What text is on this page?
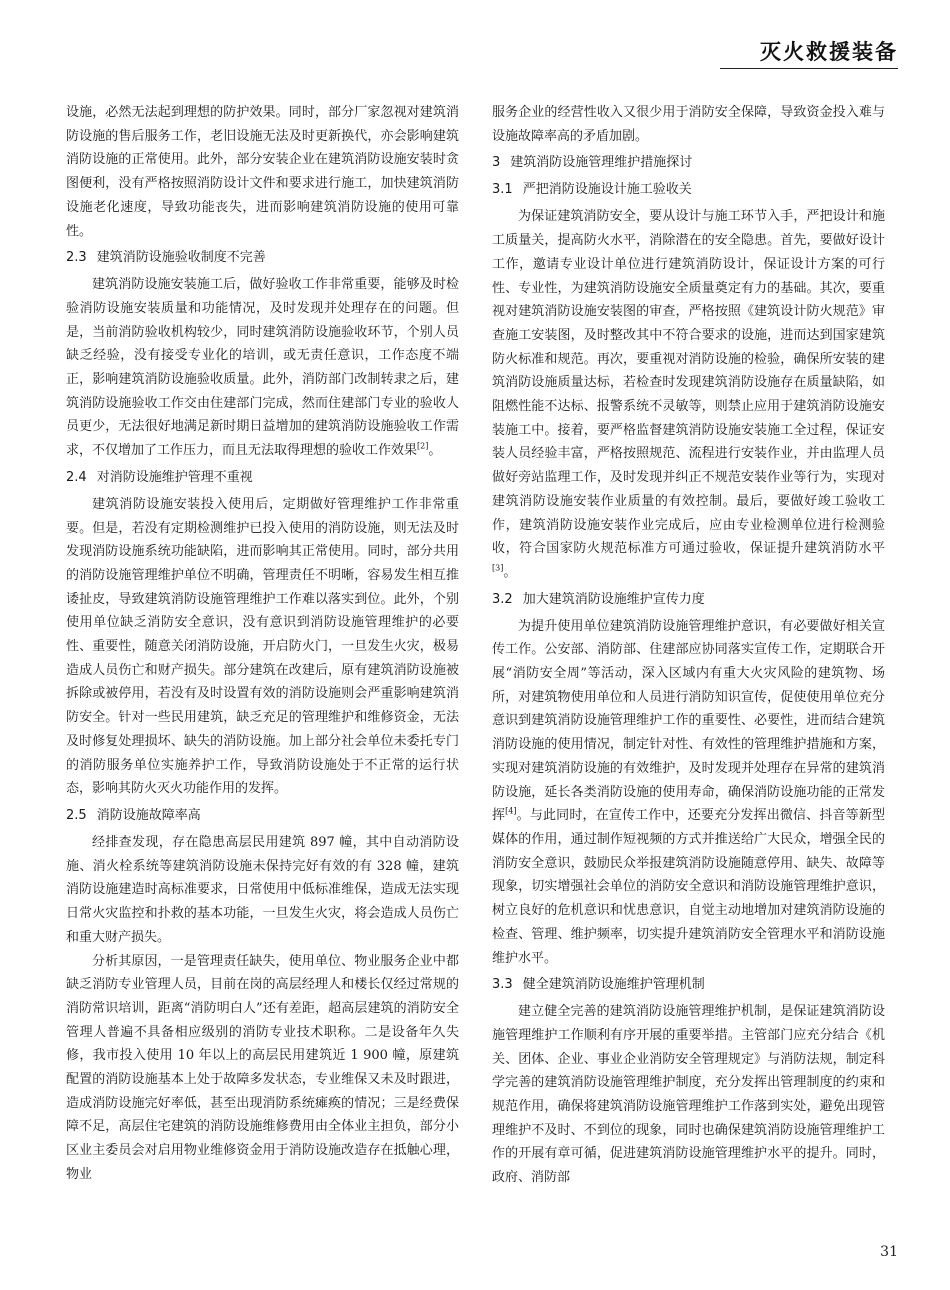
灭火救援装备

设施，必然无法起到理想的防护效果。同时，部分厂家忽视对建筑消防设施的售后服务工作，老旧设施无法及时更新换代，亦会影响建筑消防设施的正常使用。此外，部分安装企业在建筑消防设施安装时贪图便利，没有严格按照消防设计文件和要求进行施工，加快建筑消防设施老化速度，导致功能丧失，进而影响建筑消防设施的使用可靠性。

2.3 建筑消防设施验收制度不完善

建筑消防设施安装施工后，做好验收工作非常重要，能够及时检验消防设施安装质量和功能情况，及时发现并处理存在的问题。但是，当前消防验收机构较少，同时建筑消防设施验收环节，个别人员缺乏经验，没有接受专业化的培训，或无责任意识，工作态度不端正，影响建筑消防设施验收质量。此外，消防部门改制转隶之后，建筑消防设施验收工作交由住建部门完成，然而住建部门专业的验收人员更少，无法很好地满足新时期日益增加的建筑消防设施验收工作需求，不仅增加了工作压力，而且无法取得理想的验收工作效果[2]。

2.4 对消防设施维护管理不重视

建筑消防设施安装投入使用后，定期做好管理维护工作非常重要。但是，若没有定期检测维护已投入使用的消防设施，则无法及时发现消防设施系统功能缺陷，进而影响其正常使用。同时，部分共用的消防设施管理维护单位不明确，管理责任不明晰，容易发生相互推诿扯皮，导致建筑消防设施管理维护工作难以落实到位。此外，个别使用单位缺乏消防安全意识，没有意识到消防设施管理维护的必要性、重要性，随意关闭消防设施，开启防火门，一旦发生火灾，极易造成人员伤亡和财产损失。部分建筑在改建后，原有建筑消防设施被拆除或被停用，若没有及时设置有效的消防设施则会严重影响建筑消防安全。针对一些民用建筑，缺乏充足的管理维护和维修资金，无法及时修复处理损坏、缺失的消防设施。加上部分社会单位未委托专门的消防服务单位实施养护工作，导致消防设施处于不正常的运行状态，影响其防火灭火功能作用的发挥。

2.5 消防设施故障率高

经排查发现，存在隐患高层民用建筑 897 幢，其中自动消防设施、消火栓系统等建筑消防设施未保持完好有效的有 328 幢，建筑消防设施建造时高标准要求，日常使用中低标准维保，造成无法实现日常火灾监控和扑救的基本功能，一旦发生火灾，将会造成人员伤亡和重大财产损失。

分析其原因，一是管理责任缺失，使用单位、物业服务企业中都缺乏消防专业管理人员，目前在岗的高层经理人和楼长仅经过常规的消防常识培训，距离“消防明白人”还有差距，超高层建筑的消防安全管理人普遍不具备相应级别的消防专业技术职称。二是设备年久失修，我市投入使用 10 年以上的高层民用建筑近 1 900 幢，原建筑配置的消防设施基本上处于故障多发状态，专业维保又未及时跟进，造成消防设施完好率低，甚至出现消防系统瘫痪的情况；三是经费保障不足，高层住宅建筑的消防设施维修费用由全体业主担负，部分小区业主委员会对启用物业维修资金用于消防设施改造存在抵触心理，物业

服务企业的经营性收入又很少用于消防安全保障，导致资金投入难与设施故障率高的矛盾加剧。

3 建筑消防设施管理维护措施探讨
3.1 严把消防设施设计施工验收关

为保证建筑消防安全，要从设计与施工环节入手，严把设计和施工质量关，提高防火水平，消除潜在的安全隐患。首先，要做好设计工作，邀请专业设计单位进行建筑消防设计，保证设计方案的可行性、专业性，为建筑消防设施安全质量奠定有力的基础。其次，要重视对建筑消防设施安装图的审查，严格按照《建筑设计防火规范》审查施工安装图，及时整改其中不符合要求的设施，进而达到国家建筑防火标准和规范。再次，要重视对消防设施的检验，确保所安装的建筑消防设施质量达标，若检查时发现建筑消防设施存在质量缺陷，如阻燃性能不达标、报警系统不灵敏等，则禁止应用于建筑消防设施安装施工中。接着，要严格监督建筑消防设施安装施工全过程，保证安装人员经验丰富，严格按照规范、流程进行安装作业，并由监理人员做好旁站监理工作，及时发现并纠正不规范安装作业等行为，实现对建筑消防设施安装作业质量的有效控制。最后，要做好竣工验收工作，建筑消防设施安装作业完成后，应由专业检测单位进行检测验收，符合国家防火规范标准方可通过验收，保证提升建筑消防水平[3]。

3.2 加大建筑消防设施维护宣传力度

为提升使用单位建筑消防设施管理维护意识，有必要做好相关宣传工作。公安部、消防部、住建部应协同落实宣传工作，定期联合开展“消防安全周”等活动，深入区域内有重大火灾风险的建筑物、场所，对建筑物使用单位和人员进行消防知识宣传，促使使用单位充分意识到建筑消防设施管理维护工作的重要性、必要性，进而结合建筑消防设施的使用情况，制定针对性、有效性的管理维护措施和方案，实现对建筑消防设施的有效维护，及时发现并处理存在异常的建筑消防设施，延长各类消防设施的使用寿命，确保消防设施功能的正常发挥[4]。与此同时，在宣传工作中，还要充分发挥出微信、抖音等新型媒体的作用，通过制作短视频的方式并推送给广大民众，增强全民的消防安全意识，鼓励民众举报建筑消防设施随意停用、缺失、故障等现象，切实增强社会单位的消防安全意识和消防设施管理维护意识，树立良好的危机意识和忧患意识，自觉主动地增加对建筑消防设施的检查、管理、维护频率，切实提升建筑消防安全管理水平和消防设施维护水平。

3.3 健全建筑消防设施维护管理机制

建立健全完善的建筑消防设施管理维护机制，是保证建筑消防设施管理维护工作顺利有序开展的重要举措。主管部门应充分结合《机关、团体、企业、事业企业消防安全管理规定》与消防法规，制定科学完善的建筑消防设施管理维护制度，充分发挥出管理制度的约束和规范作用，确保将建筑消防设施管理维护工作落到实处，避免出现管理维护不及时、不到位的现象，同时也确保建筑消防设施管理维护工作的开展有章可循，促进建筑消防设施管理维护水平的提升。同时，政府、消防部

31
